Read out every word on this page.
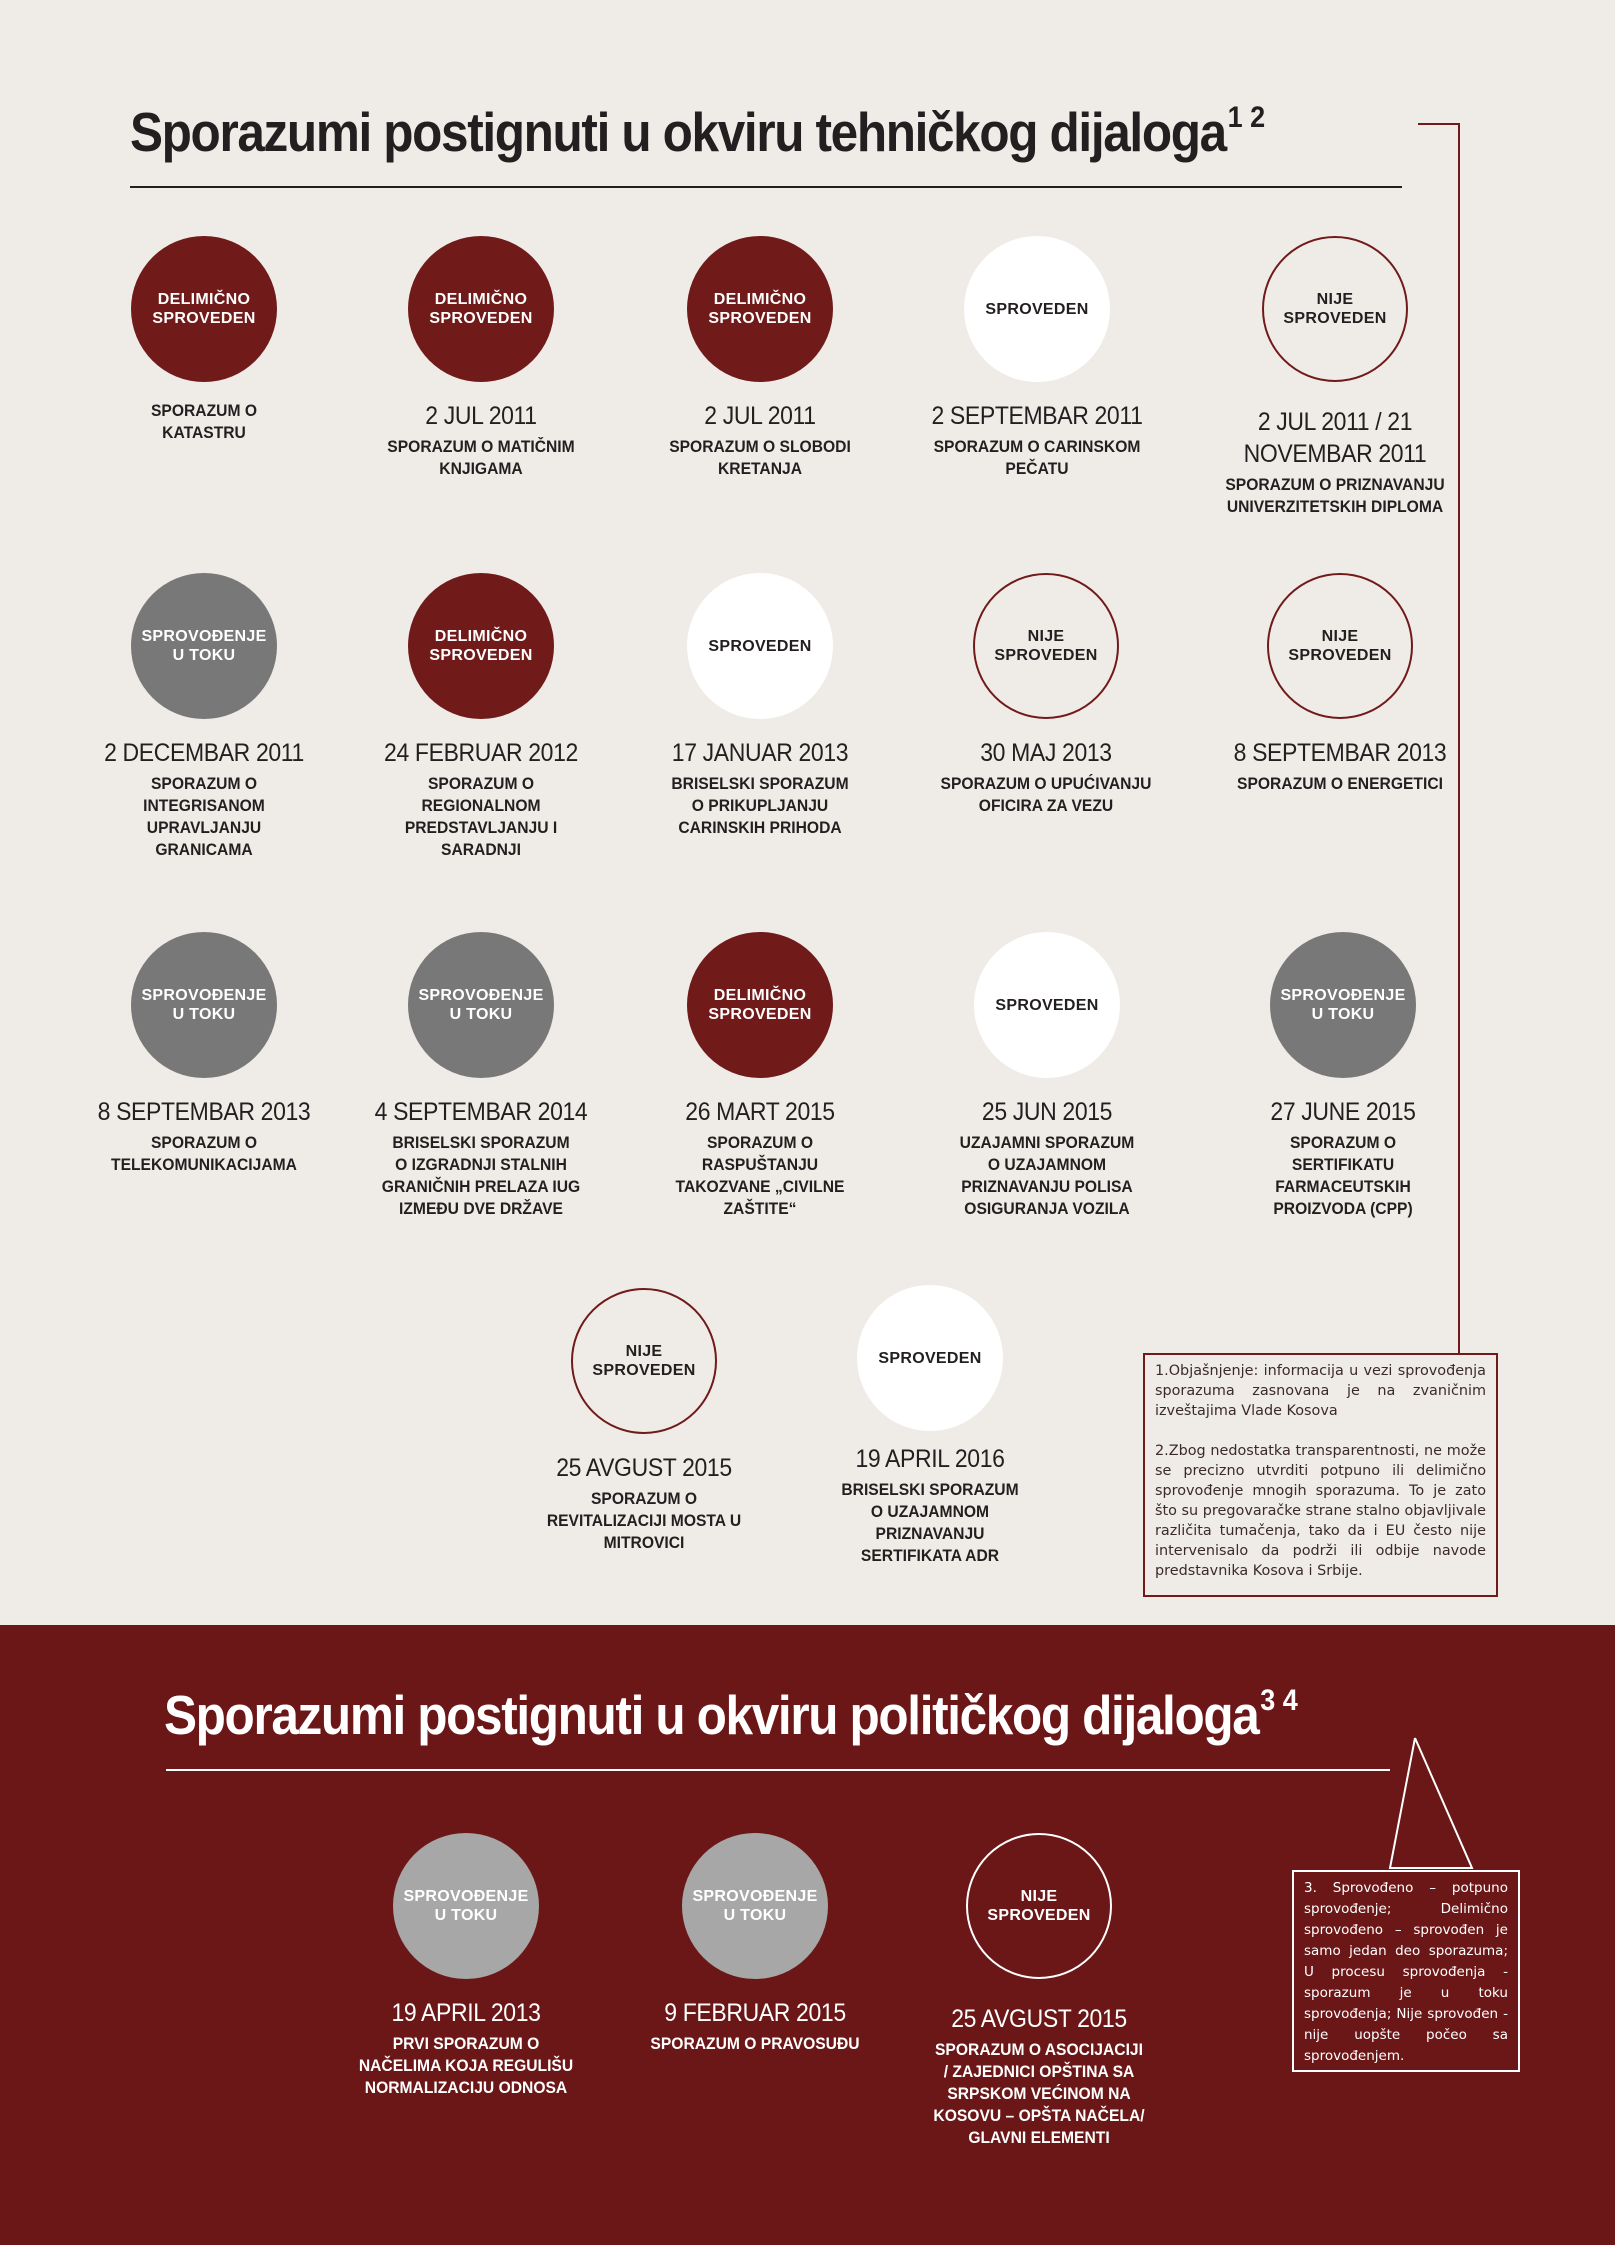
Sporazumi postignuti u okviru tehničkog dijaloga$^{1 2}$
DELIMIČNO
SPROVEDEN
SPORAZUM O
KATASTRU
DELIMIČNO
SPROVEDEN
2 JUL 2011
SPORAZUM O MATIČNIM
KNJIGAMA
DELIMIČNO
SPROVEDEN
2 JUL 2011
SPORAZUM O SLOBODI
KRETANJA
SPROVEDEN
2 SEPTEMBAR 2011
SPORAZUM O CARINSKOM
PEČATU
NIJE
SPROVEDEN
2 JUL 2011 / 21
NOVEMBAR 2011
SPORAZUM O PRIZNAVANJU
UNIVERZITETSKIH DIPLOMA
SPROVOĐENJE
U TOKU
2 DECEMBAR 2011
SPORAZUM O
INTEGRISANOM
UPRAVLJANJU
GRANICAMA
DELIMIČNO
SPROVEDEN
24 FEBRUAR 2012
SPORAZUM O
REGIONALNOM
PREDSTAVLJANJU I
SARADNJI
SPROVEDEN
17 JANUAR 2013
BRISELSKI SPORAZUM
O PRIKUPLJANJU
CARINSKIH PRIHODA
NIJE
SPROVEDEN
30 MAJ 2013
SPORAZUM O UPUĆIVANJU
OFICIRA ZA VEZU
NIJE
SPROVEDEN
8 SEPTEMBAR 2013
SPORAZUM O ENERGETICI
SPROVOĐENJE
U TOKU
8 SEPTEMBAR 2013
SPORAZUM O
TELEKOMUNIKACIJAMA
SPROVOĐENJE
U TOKU
4 SEPTEMBAR 2014
BRISELSKI SPORAZUM
O IZGRADNJI STALNIH
GRANIČNIH PRELAZA IUG
IZMEĐU DVE DRŽAVE
DELIMIČNO
SPROVEDEN
26 MART 2015
SPORAZUM O
RASPUŠTANJU
TAKOZVANE „CIVILNE
ZAŠTITE“
SPROVEDEN
25 JUN 2015
UZAJAMNI SPORAZUM
O UZAJAMNOM
PRIZNAVANJU POLISA
OSIGURANJA VOZILA
SPROVOĐENJE
U TOKU
27 JUNE 2015
SPORAZUM O
SERTIFIKATU
FARMACEUTSKIH
PROIZVODA (CPP)
NIJE
SPROVEDEN
25 AVGUST 2015
SPORAZUM O
REVITALIZACIJI MOSTA U
MITROVICI
SPROVEDEN
19 APRIL 2016
BRISELSKI SPORAZUM
O UZAJAMNOM
PRIZNAVANJU
SERTIFIKATA ADR

1.Objašnjenje: informacija u vezi sprovođenja sporazuma zasnovana je na zvaničnim izveštajima Vlade Kosova

2.Zbog nedostatka transparentnosti, ne može se precizno utvrditi potpuno ili delimično sprovođenje mnogih sporazuma. To je zato što su pregovaračke strane stalno objavljivale različita tumačenja, tako da i EU često nije intervenisalo da podrži ili odbije navode predstavnika Kosova i Srbije.

Sporazumi postignuti u okviru političkog dijaloga$^{3 4}$
SPROVOĐENJE
U TOKU
19 APRIL 2013
PRVI SPORAZUM O
NAČELIMA KOJA REGULIŠU
NORMALIZACIJU ODNOSA
SPROVOĐENJE
U TOKU
9 FEBRUAR 2015
SPORAZUM O PRAVOSUĐU
NIJE
SPROVEDEN
25 AVGUST 2015
SPORAZUM O ASOCIJACIJI
/ ZAJEDNICI OPŠTINA SA
SRPSKOM VEĆINOM NA
KOSOVU – OPŠTA NAČELA/
GLAVNI ELEMENTI

3. Sprovođeno – potpuno sprovođenje; Delimično sprovođeno – sprovođen je samo jedan deo sporazuma; U procesu sprovođenja - sporazum je u toku sprovođenja; Nije sprovođen - nije uopšte počeo sa sprovođenjem.
